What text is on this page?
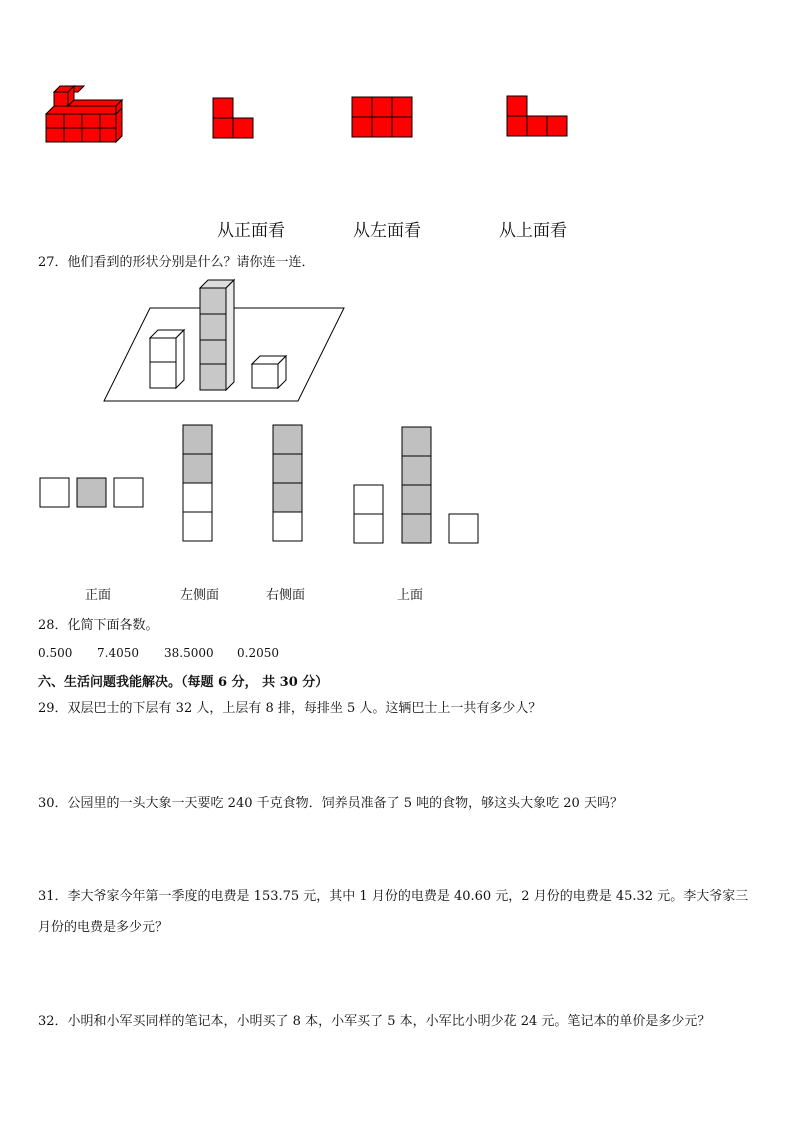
从正面看	从左面看	从上面看
27．他们看到的形状分别是什么？请你连一连．
正面	左侧面	右侧面	上面
28．化简下面各数。
0.500 7.4050 38.5000 0.2050
六、生活问题我能解决。（每题 6 分， 共 30 分）
29．双层巴士的下层有 32 人，上层有 8 排，每排坐 5 人。这辆巴士上一共有多少人？
30．公园里的一头大象一天要吃 240 千克食物．饲养员准备了 5 吨的食物，够这头大象吃 20 天吗？
31．李大爷家今年第一季度的电费是 153.75 元，其中 1 月份的电费是 40.60 元，2 月份的电费是 45.32 元。李大爷家三
月份的电费是多少元？
32．小明和小军买同样的笔记本，小明买了 8 本，小军买了 5 本，小军比小明少花 24 元。笔记本的单价是多少元？
